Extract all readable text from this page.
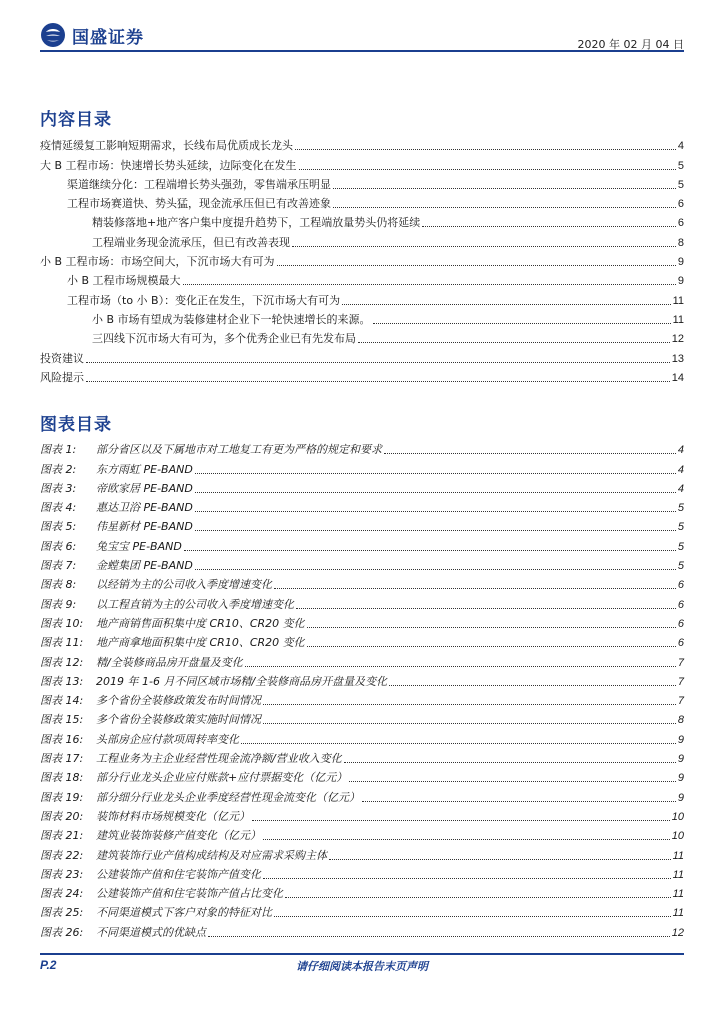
国盛证券	2020 年 02 月 04 日
内容目录
疫情延缓复工影响短期需求，长线布局优质成长龙头	4
大 B 工程市场：快速增长势头延续，边际变化在发生	5
渠道继续分化：工程端增长势头强劲，零售端承压明显	5
工程市场赛道快、势头猛，现金流承压但已有改善迹象	6
精装修落地+地产客户集中度提升趋势下，工程端放量势头仍将延续	6
工程端业务现金流承压，但已有改善表现	8
小 B 工程市场：市场空间大，下沉市场大有可为	9
小 B 工程市场规模最大	9
工程市场（to 小 B）：变化正在发生，下沉市场大有可为	11
小 B 市场有望成为装修建材企业下一轮快速增长的来源。	11
三四线下沉市场大有可为，多个优秀企业已有先发布局	12
投资建议	13
风险提示	14
图表目录
图表 1: 部分省区以及下属地市对工地复工有更为严格的规定和要求	4
图表 2: 东方雨虹 PE-BAND	4
图表 3: 帝欧家居 PE-BAND	4
图表 4: 惠达卫浴 PE-BAND	5
图表 5: 伟星新材 PE-BAND	5
图表 6: 兔宝宝 PE-BAND	5
图表 7: 金螳集团 PE-BAND	5
图表 8: 以经销为主的公司收入季度增速变化	6
图表 9: 以工程直销为主的公司收入季度增速变化	6
图表 10: 地产商销售面积集中度 CR10、CR20 变化	6
图表 11: 地产商拿地面积集中度 CR10、CR20 变化	6
图表 12: 精/全装修商品房开盘量及变化	7
图表 13: 2019 年 1-6 月不同区域市场精/全装修商品房开盘量及变化	7
图表 14: 多个省份全装修政策发布时间情况	7
图表 15: 多个省份全装修政策实施时间情况	8
图表 16: 头部房企应付款项周转率变化	9
图表 17: 工程业务为主企业经营性现金流净额/营业收入变化	9
图表 18: 部分行业龙头企业应付账款+应付票据变化（亿元）	9
图表 19: 部分细分行业龙头企业季度经营性现金流变化（亿元）	9
图表 20: 装饰材料市场规模变化（亿元）	10
图表 21: 建筑业装饰装修产值变化（亿元）	10
图表 22: 建筑装饰行业产值构成结构及对应需求采购主体	11
图表 23: 公建装饰产值和住宅装饰产值变化	11
图表 24: 公建装饰产值和住宅装饰产值占比变化	11
图表 25: 不同渠道模式下客户对象的特征对比	11
图表 26: 不同渠道模式的优缺点	12
P.2	请仔细阅读本报告末页声明
